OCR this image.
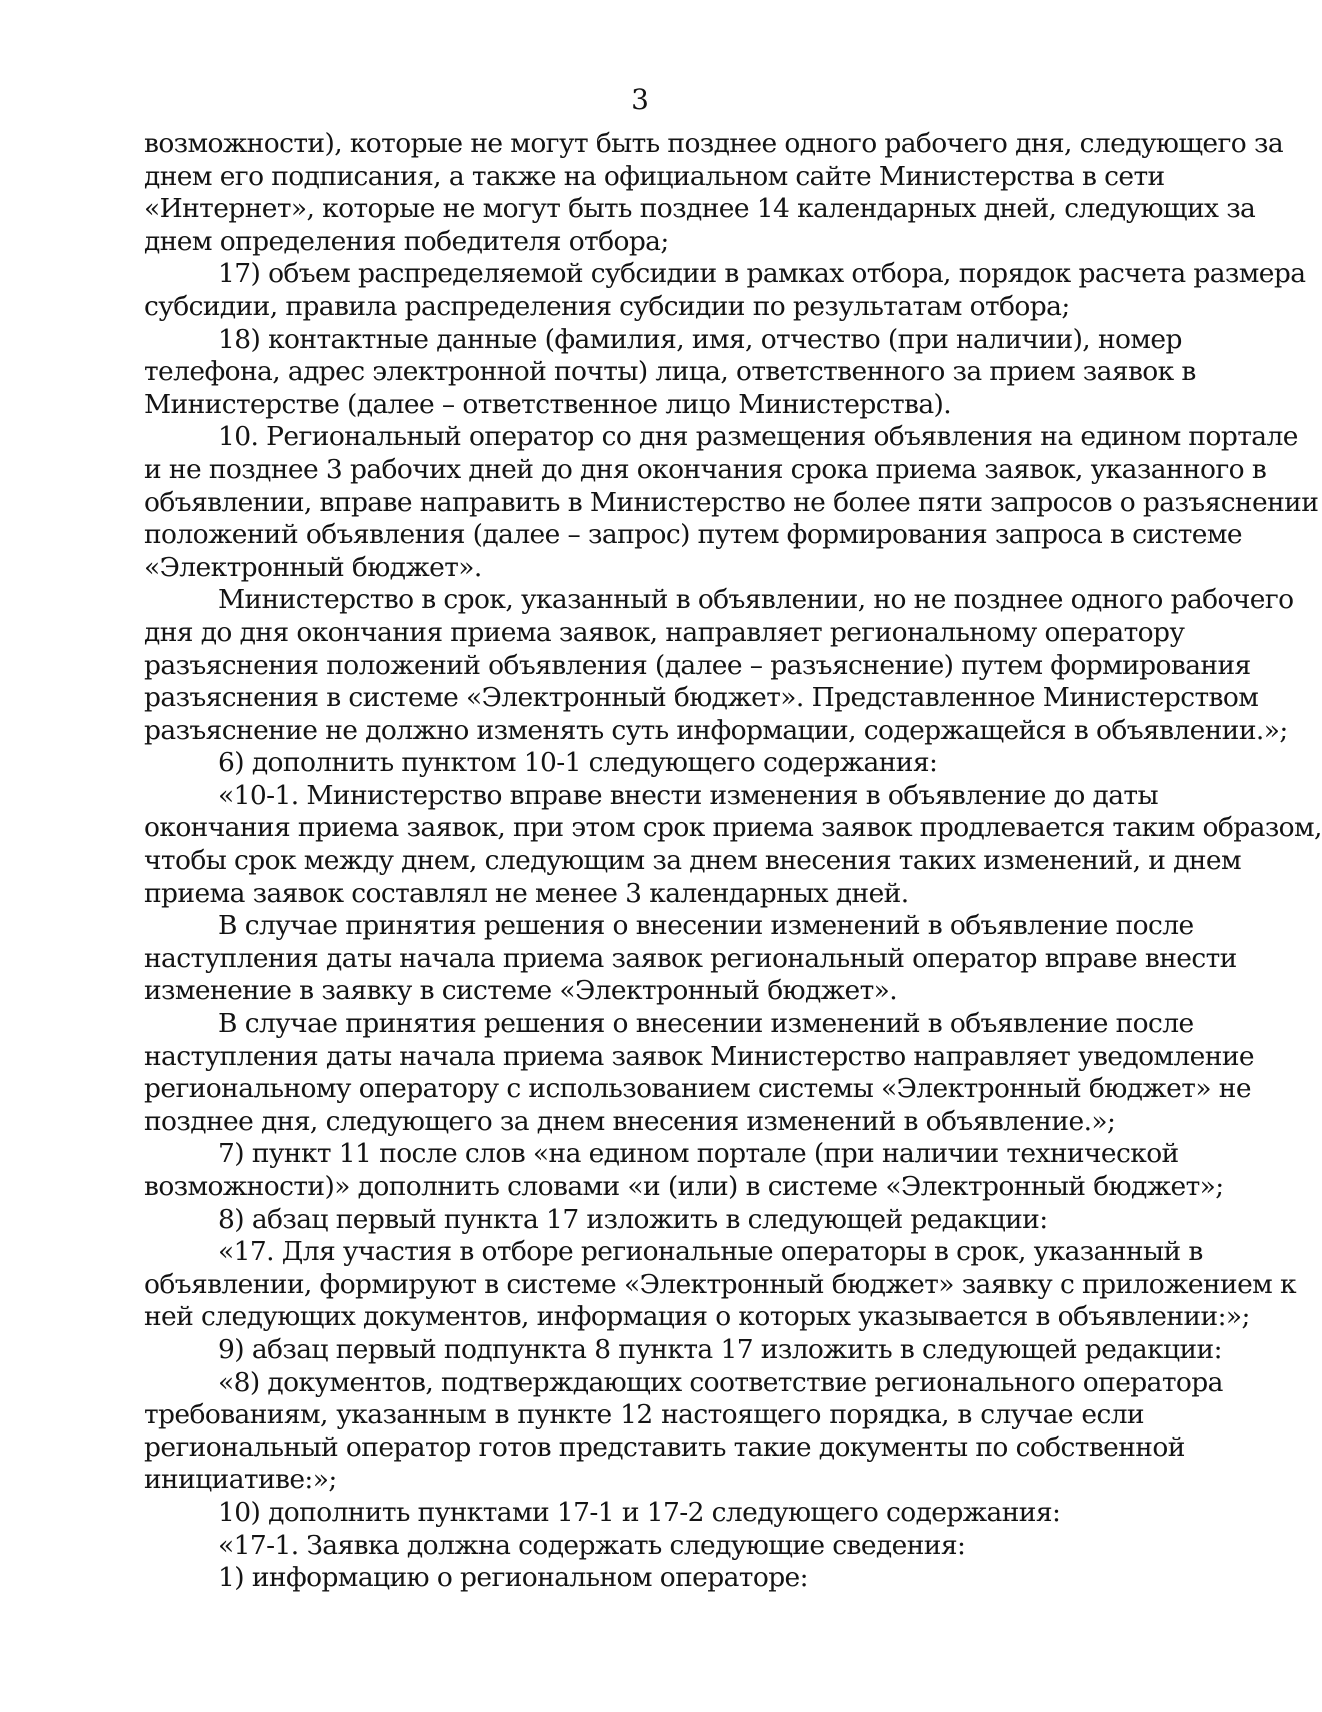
3
возможности), которые не могут быть позднее одного рабочего дня, следующего за
днем его подписания, а также на официальном сайте Министерства в сети
«Интернет», которые не могут быть позднее 14 календарных дней, следующих за
днем определения победителя отбора;
17) объем распределяемой субсидии в рамках отбора, порядок расчета размера
субсидии, правила распределения субсидии по результатам отбора;
18) контактные данные (фамилия, имя, отчество (при наличии), номер
телефона, адрес электронной почты) лица, ответственного за прием заявок в
Министерстве (далее – ответственное лицо Министерства).
10. Региональный оператор со дня размещения объявления на едином портале
и не позднее 3 рабочих дней до дня окончания срока приема заявок, указанного в
объявлении, вправе направить в Министерство не более пяти запросов о разъяснении
положений объявления (далее – запрос) путем формирования запроса в системе
«Электронный бюджет».
Министерство в срок, указанный в объявлении, но не позднее одного рабочего
дня до дня окончания приема заявок, направляет региональному оператору
разъяснения положений объявления (далее – разъяснение) путем формирования
разъяснения в системе «Электронный бюджет». Представленное Министерством
разъяснение не должно изменять суть информации, содержащейся в объявлении.»;
6) дополнить пунктом 10-1 следующего содержания:
«10-1. Министерство вправе внести изменения в объявление до даты
окончания приема заявок, при этом срок приема заявок продлевается таким образом,
чтобы срок между днем, следующим за днем внесения таких изменений, и днем
приема заявок составлял не менее 3 календарных дней.
В случае принятия решения о внесении изменений в объявление после
наступления даты начала приема заявок региональный оператор вправе внести
изменение в заявку в системе «Электронный бюджет».
В случае принятия решения о внесении изменений в объявление после
наступления даты начала приема заявок Министерство направляет уведомление
региональному оператору с использованием системы «Электронный бюджет» не
позднее дня, следующего за днем внесения изменений в объявление.»;
7) пункт 11 после слов «на едином портале (при наличии технической
возможности)» дополнить словами «и (или) в системе «Электронный бюджет»;
8) абзац первый пункта 17 изложить в следующей редакции:
«17. Для участия в отборе региональные операторы в срок, указанный в
объявлении, формируют в системе «Электронный бюджет» заявку с приложением к
ней следующих документов, информация о которых указывается в объявлении:»;
9) абзац первый подпункта 8 пункта 17 изложить в следующей редакции:
«8) документов, подтверждающих соответствие регионального оператора
требованиям, указанным в пункте 12 настоящего порядка, в случае если
региональный оператор готов представить такие документы по собственной
инициативе:»;
10) дополнить пунктами 17-1 и 17-2 следующего содержания:
«17-1. Заявка должна содержать следующие сведения:
1) информацию о региональном операторе:
